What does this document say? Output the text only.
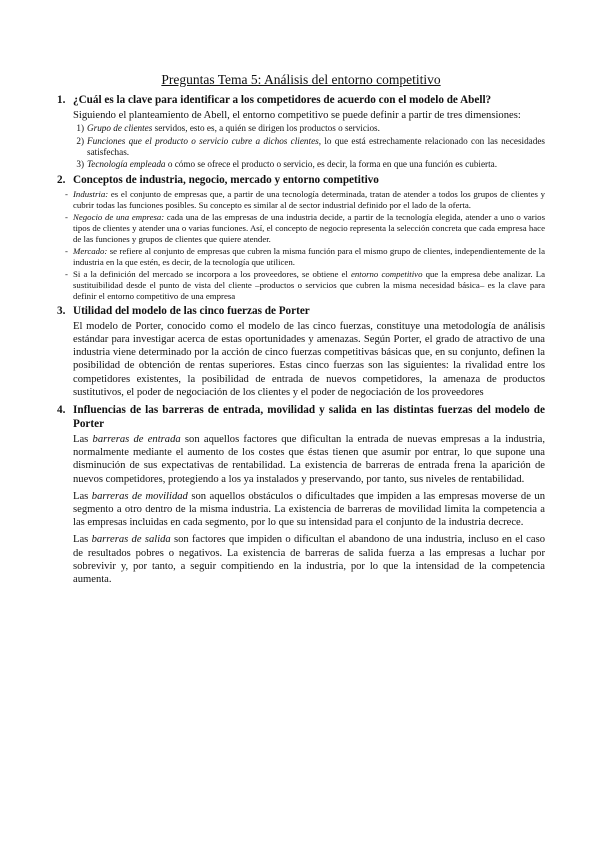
Preguntas Tema 5: Análisis del entorno competitivo
1. ¿Cuál es la clave para identificar a los competidores de acuerdo con el modelo de Abell?
Siguiendo el planteamiento de Abell, el entorno competitivo se puede definir a partir de tres dimensiones:
1) Grupo de clientes servidos, esto es, a quién se dirigen los productos o servicios.
2) Funciones que el producto o servicio cubre a dichos clientes, lo que está estrechamente relacionado con las necesidades satisfechas.
3) Tecnología empleada o cómo se ofrece el producto o servicio, es decir, la forma en que una función es cubierta.
2. Conceptos de industria, negocio, mercado y entorno competitivo
- Industria: es el conjunto de empresas que, a partir de una tecnología determinada, tratan de atender a todos los grupos de clientes y cubrir todas las funciones posibles. Su concepto es similar al de sector industrial definido por el lado de la oferta.
- Negocio de una empresa: cada una de las empresas de una industria decide, a partir de la tecnología elegida, atender a uno o varios tipos de clientes y atender una o varias funciones. Así, el concepto de negocio representa la selección concreta que cada empresa hace de las funciones y grupos de clientes que quiere atender.
- Mercado: se refiere al conjunto de empresas que cubren la misma función para el mismo grupo de clientes, independientemente de la industria en la que estén, es decir, de la tecnología que utilicen.
- Si a la definición del mercado se incorpora a los proveedores, se obtiene el entorno competitivo que la empresa debe analizar. La sustituibilidad desde el punto de vista del cliente –productos o servicios que cubren la misma necesidad básica– es la clave para definir el entorno competitivo de una empresa
3. Utilidad del modelo de las cinco fuerzas de Porter
El modelo de Porter, conocido como el modelo de las cinco fuerzas, constituye una metodología de análisis estándar para investigar acerca de estas oportunidades y amenazas. Según Porter, el grado de atractivo de una industria viene determinado por la acción de cinco fuerzas competitivas básicas que, en su conjunto, definen la posibilidad de obtención de rentas superiores. Estas cinco fuerzas son las siguientes: la rivalidad entre los competidores existentes, la posibilidad de entrada de nuevos competidores, la amenaza de productos sustitutivos, el poder de negociación de los clientes y el poder de negociación de los proveedores
4. Influencias de las barreras de entrada, movilidad y salida en las distintas fuerzas del modelo de Porter
Las barreras de entrada son aquellos factores que dificultan la entrada de nuevas empresas a la industria, normalmente mediante el aumento de los costes que éstas tienen que asumir por entrar, lo que supone una disminución de sus expectativas de rentabilidad. La existencia de barreras de entrada frena la aparición de nuevos competidores, protegiendo a los ya instalados y preservando, por tanto, sus niveles de rentabilidad.
Las barreras de movilidad son aquellos obstáculos o dificultades que impiden a las empresas moverse de un segmento a otro dentro de la misma industria. La existencia de barreras de movilidad limita la competencia a las empresas incluidas en cada segmento, por lo que su intensidad para el conjunto de la industria decrece.
Las barreras de salida son factores que impiden o dificultan el abandono de una industria, incluso en el caso de resultados pobres o negativos. La existencia de barreras de salida fuerza a las empresas a luchar por sobrevivir y, por tanto, a seguir compitiendo en la industria, por lo que la intensidad de la competencia aumenta.
